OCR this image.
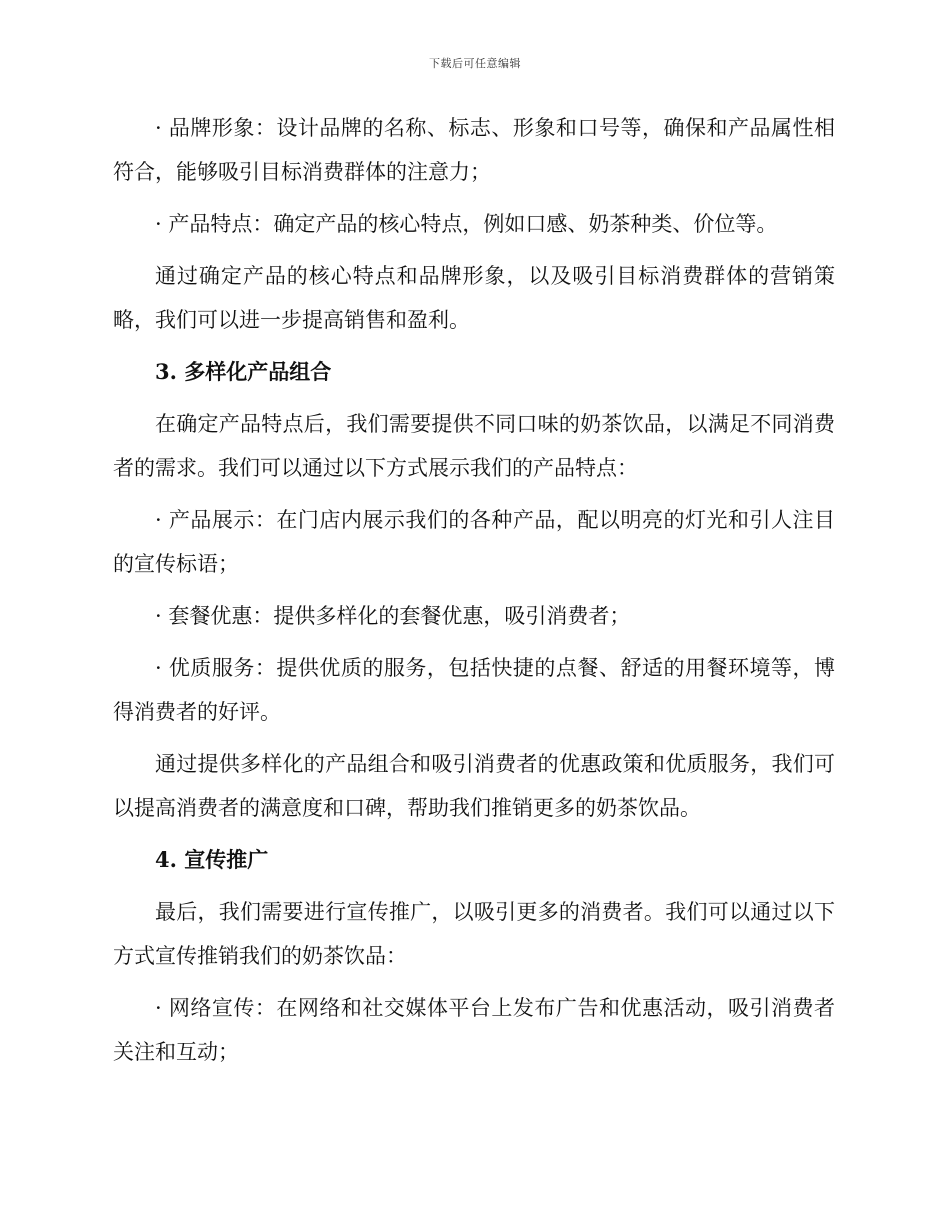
下载后可任意编辑

· 品牌形象：设计品牌的名称、标志、形象和口号等，确保和产品属性相符合，能够吸引目标消费群体的注意力；

· 产品特点：确定产品的核心特点，例如口感、奶茶种类、价位等。

通过确定产品的核心特点和品牌形象，以及吸引目标消费群体的营销策略，我们可以进一步提高销售和盈利。

3. 多样化产品组合

在确定产品特点后，我们需要提供不同口味的奶茶饮品，以满足不同消费者的需求。我们可以通过以下方式展示我们的产品特点：

· 产品展示：在门店内展示我们的各种产品，配以明亮的灯光和引人注目的宣传标语；

· 套餐优惠：提供多样化的套餐优惠，吸引消费者；

· 优质服务：提供优质的服务，包括快捷的点餐、舒适的用餐环境等，博得消费者的好评。

通过提供多样化的产品组合和吸引消费者的优惠政策和优质服务，我们可以提高消费者的满意度和口碑，帮助我们推销更多的奶茶饮品。

4. 宣传推广

最后，我们需要进行宣传推广，以吸引更多的消费者。我们可以通过以下方式宣传推销我们的奶茶饮品：

· 网络宣传：在网络和社交媒体平台上发布广告和优惠活动，吸引消费者关注和互动；
